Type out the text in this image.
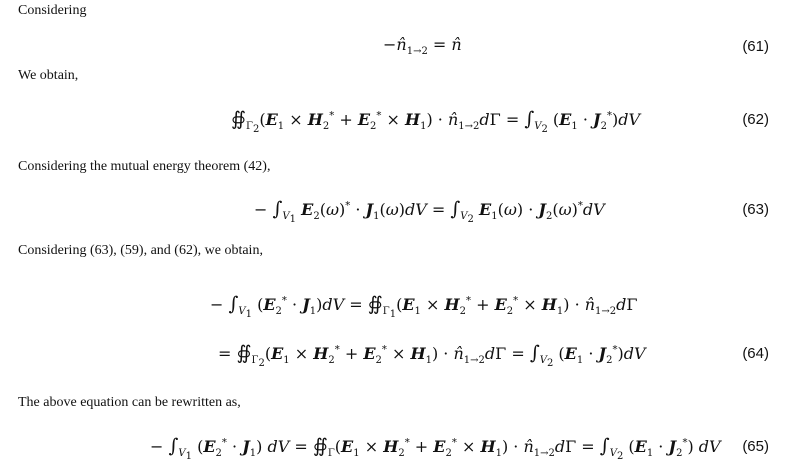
Considering
$-n̂_{1\to 2}$ = n̂	(61)
We obtain,
$∯_{\Gamma_2}(E_1 \times H_2^* + E_2^* \times H_1)$ · $n̂_{1\to 2}d\Gamma = \int_{V_2}$ $(E_1 \cdot J_2^*)dV$	(62)
Considering the mutual energy theorem (42),
− $\int_{V_1}$ $E_2(\omega)^* \cdot J_1(\omega)dV = \int_{V_2}$ $E_1(\omega) \cdot J_2(\omega)^*dV$	(63)
Considering (63), (59), and (62), we obtain,
− $\int_{V_1}$ $(E_2^* \cdot J_1)dV$ = $∯_{\Gamma_1}(E_1 \times H_2^* + E_2^* \times H_1)$ · $n̂_{1\to 2}d\Gamma$
= $∯_{\Gamma_2}(E_1 \times H_2^* + E_2^* \times H_1)$ · $n̂_{1\to 2}d\Gamma = \int_{V_2}$ $(E_1 \cdot J_2^*)dV$	(64)
The above equation can be rewritten as,
− $\int_{V_1}$ $(E_2^* \cdot J_1)$ dV = $∯_\Gamma(E_1 \times H_2^* + E_2^* \times H_1)$ · $n̂_{1\to 2}d\Gamma = \int_{V_2}$ $(E_1 \cdot J_2^*)$ dV (65)
